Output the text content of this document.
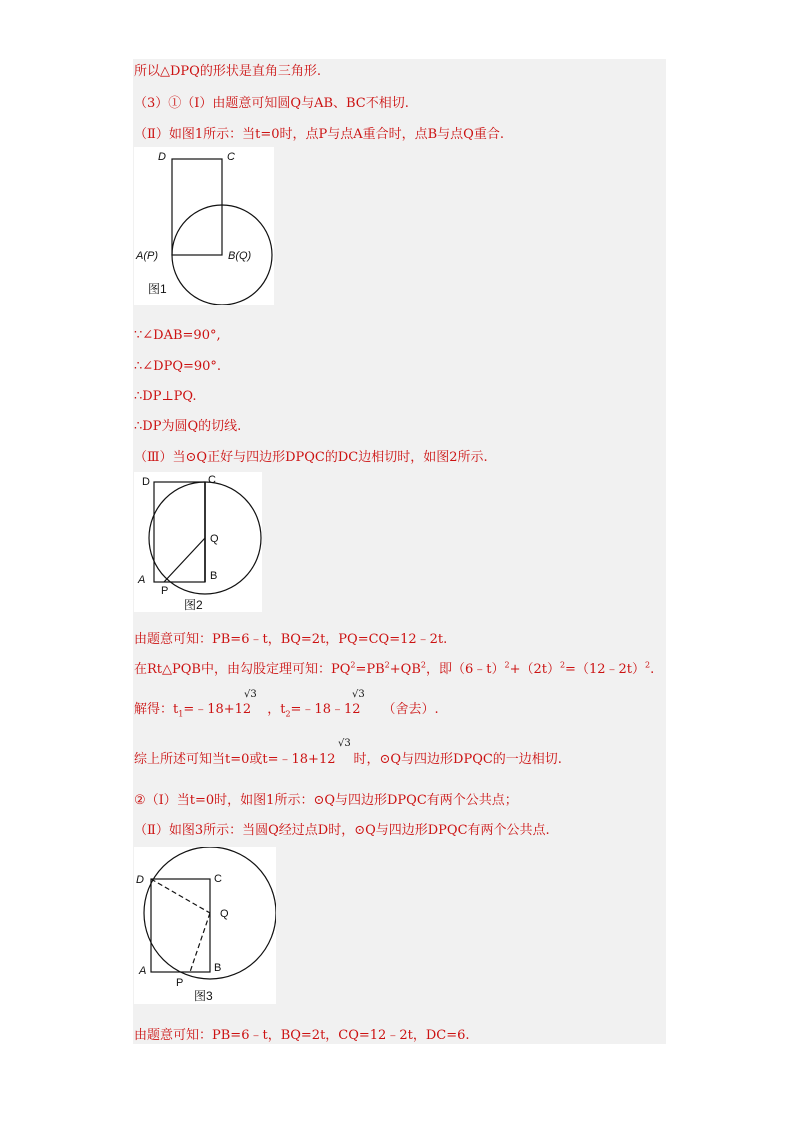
所以△DPQ的形状是直角三角形.
（3）①（Ⅰ）由题意可知圆Q与AB、BC不相切.
（Ⅱ）如图1所示：当t=0时，点P与点A重合时，点B与点Q重合.
D	C
A(P)	B(Q)
图1
∵∠DAB=90°,
∴∠DPQ=90°.
∴DP⊥PQ.
∴DP为圆Q的切线.
（Ⅲ）当⊙Q正好与四边形DPQC的DC边相切时，如图2所示.
D	C
Q
A	B
P
图2
由题意可知：PB=6﹣t，BQ=2t，PQ=CQ=12﹣2t.
在Rt△PQB中，由勾股定理可知：$PQ^2=PB^2+QB^2$，即$(6﹣t)^2+(2t)^2=(12﹣2t)^2$.
解得：$t_1=﹣18+12$ ，$t_2=﹣18﹣12$ （舍去）.
√3	√3
综上所述可知当t=0或t=﹣18+12 时，⊙Q与四边形DPQC的一边相切.
√3
②（Ⅰ）当t=0时，如图1所示：⊙Q与四边形DPQC有两个公共点；
（Ⅱ）如图3所示：当圆Q经过点D时，⊙Q与四边形DPQC有两个公共点.
D	C
Q
A	B
P
图3
由题意可知：PB=6﹣t，BQ=2t，CQ=12﹣2t，DC=6.
